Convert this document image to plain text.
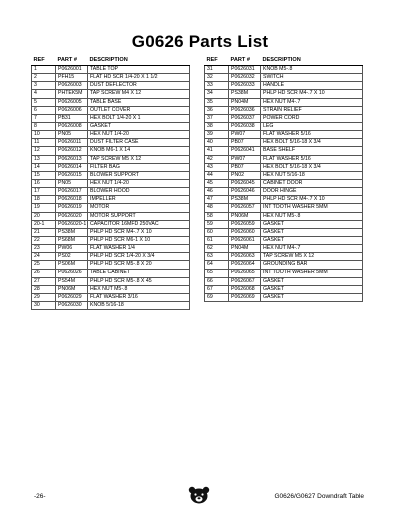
G0626 Parts List
REF	PART #	DESCRIPTION
1	P0626001	TABLE TOP
2	PFH15	FLAT HD SCR 1/4-20 X 1 1/2
3	P0626003	DUST DEFLECTOR
4	PHTEK5M	TAP SCREW M4 X 12
5	P0626005	TABLE BASE
6	P0626006	OUTLET COVER
7	PB31	HEX BOLT 1/4-20 X 1
8	P0626008	GASKET
10	PN05	HEX NUT 1/4-20
11	P0626011	DUST FILTER CASE
12	P0626012	KNOB M6-1 X 14
13	P0626013	TAP SCREW M5 X 12
14	P0626014	FILTER BAG
15	P0626015	BLOWER SUPPORT
16	PN05	HEX NUT 1/4-20
17	P0626017	BLOWER HOOD
18	P0626018	IMPELLER
19	P0626019	MOTOR
20	P0626020	MOTOR SUPPORT
20-1	P0626020-1	CAPACITOR 16MFD 250VAC
21	PS38M	PHLP HD SCR M4-.7 X 10
22	PS68M	PHLP HD SCR M6-1 X 10
23	PW06	FLAT WASHER 1/4
24	PS02	PHLP HD SCR 1/4-20 X 3/4
25	PS06M	PHLP HD SCR M5-.8 X 20
26	P0626026	TABLE CABINET
27	PS54M	PHLP HD SCR M5-.8 X 45
28	PN06M	HEX NUT M5-.8
29	P0626029	FLAT WASHER 3/16
30	P0626030	KNOB 5/16-18
REF	PART #	DESCRIPTION
31	P0626031	KNOB M5-.8
32	P0626032	SWITCH
33	P0626033	HANDLE
34	PS38M	PHLP HD SCR M4-.7 X 10
35	PN04M	HEX NUT M4-.7
36	P0626036	STRAIN RELIEF
37	P0626037	POWER CORD
38	P0626038	LEG
39	PW07	FLAT WASHER 5/16
40	PB07	HEX BOLT 5/16-18 X 3/4
41	P0626041	BASE SHELF
42	PW07	FLAT WASHER 5/16
43	PB07	HEX BOLT 5/16-18 X 3/4
44	PN02	HEX NUT 5/16-18
45	P0626045	CABINET DOOR
46	P0626046	DOOR HINGE
47	PS38M	PHLP HD SCR M4-.7 X 10
48	P0626057	INT TOOTH WASHER 5MM
58	PN06M	HEX NUT M5-.8
59	P0626059	GASKET
60	P0626060	GASKET
61	P0626061	GASKET
62	PN04M	HEX NUT M4-.7
63	P0626063	TAP SCREW M5 X 12
64	P0626064	GROUNDING BAR
65	P0626065	INT TOOTH WASHER 5MM
66	P0626067	GASKET
67	P0626068	GASKET
69	P0626069	GASKET
-26-	G0626/G0627 Downdraft Table
